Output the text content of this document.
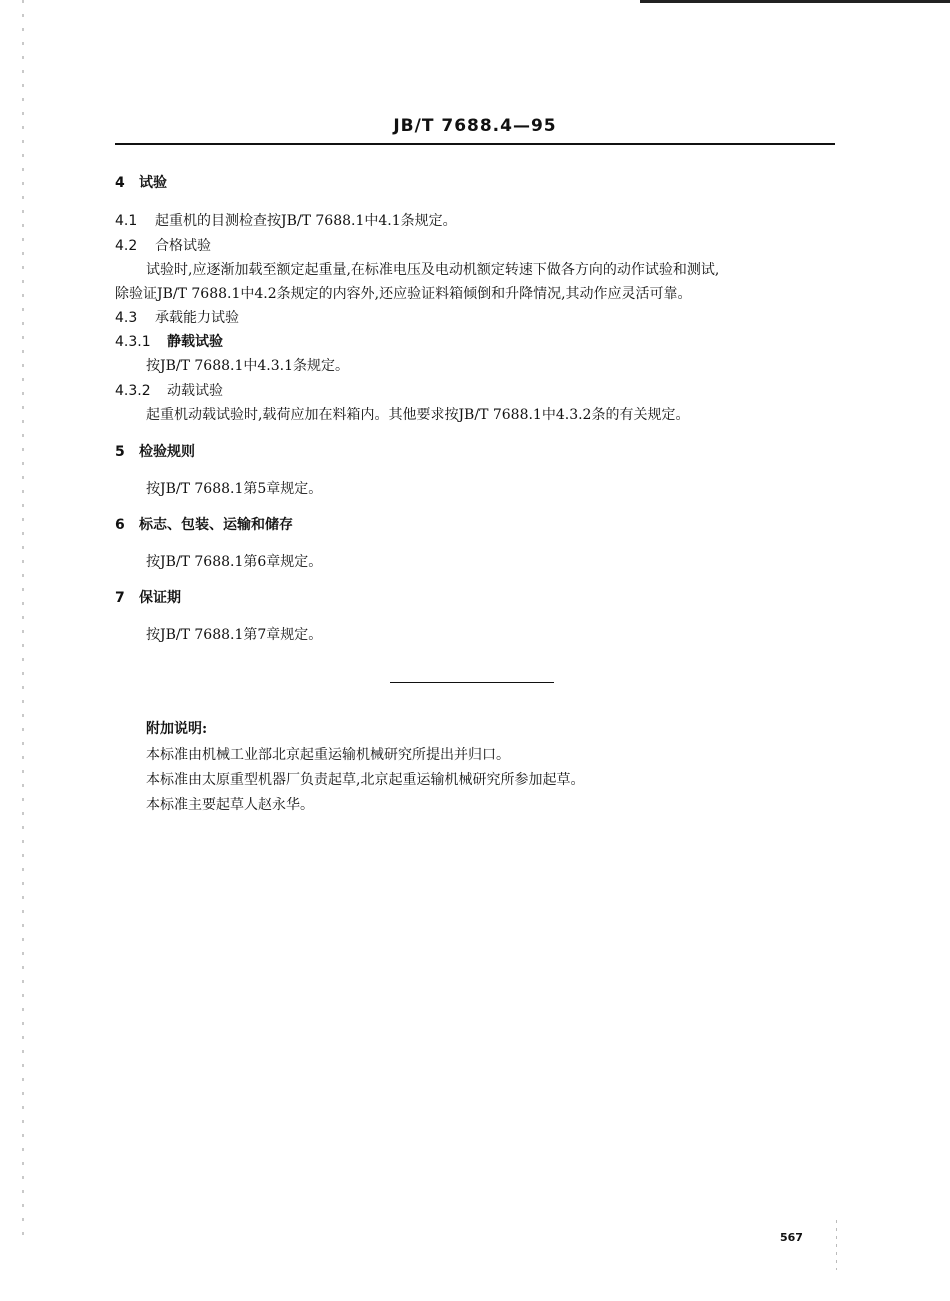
JB/T 7688.4—95
4 试验
4.1 起重机的目测检查按JB/T 7688.1中4.1条规定。
4.2 合格试验
试验时,应逐渐加载至额定起重量,在标准电压及电动机额定转速下做各方向的动作试验和测试,
除验证JB/T 7688.1中4.2条规定的内容外,还应验证料箱倾倒和升降情况,其动作应灵活可靠。
4.3 承载能力试验
4.3.1 静载试验
按JB/T 7688.1中4.3.1条规定。
4.3.2 动载试验
起重机动载试验时,载荷应加在料箱内。其他要求按JB/T 7688.1中4.3.2条的有关规定。
5 检验规则
按JB/T 7688.1第5章规定。
6 标志、包装、运输和储存
按JB/T 7688.1第6章规定。
7 保证期
按JB/T 7688.1第7章规定。
附加说明:
本标准由机械工业部北京起重运输机械研究所提出并归口。
本标准由太原重型机器厂负责起草,北京起重运输机械研究所参加起草。
本标准主要起草人赵永华。
567
